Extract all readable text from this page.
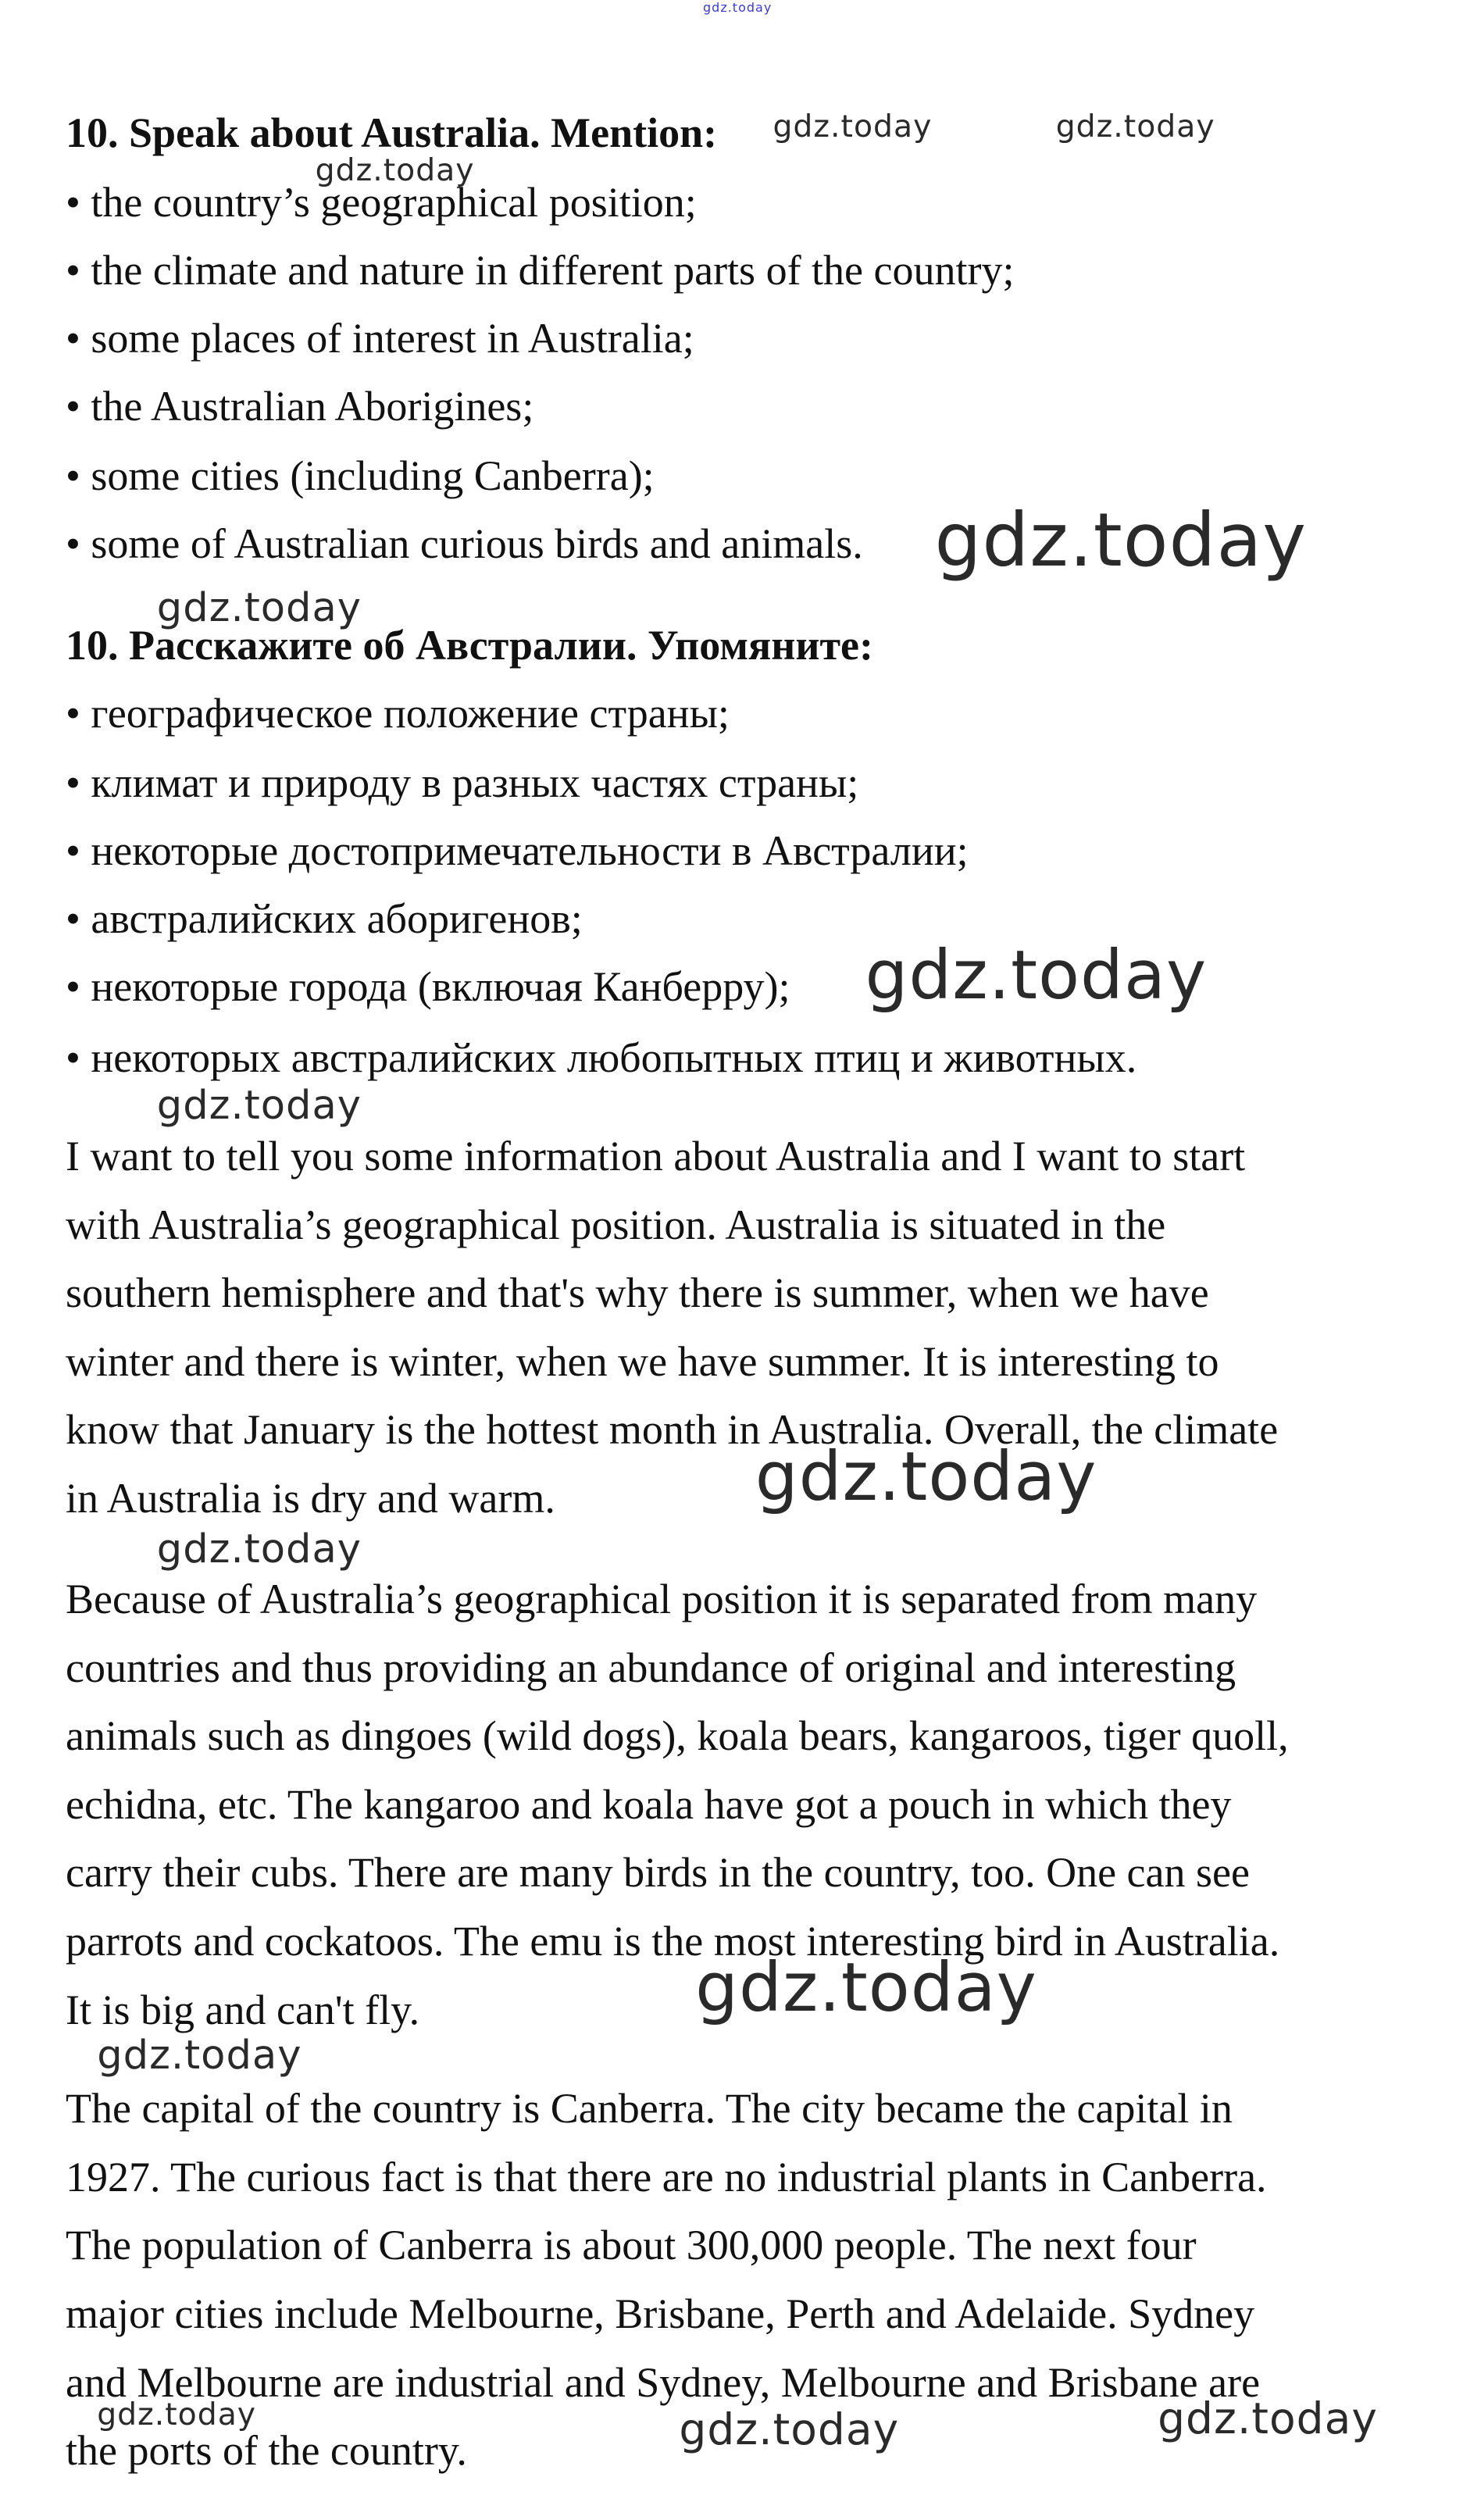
10. Speak about Australia. Mention:
• the country’s geographical position;
• the climate and nature in different parts of the country;
• some places of interest in Australia;
• the Australian Aborigines;
• some cities (including Canberra);
• some of Australian curious birds and animals.
10. Расскажите об Австралии. Упомяните:
• географическое положение страны;
• климат и природу в разных частях страны;
• некоторые достопримечательности в Австралии;
• австралийских аборигенов;
• некоторые города (включая Канберру);
• некоторых австралийских любопытных птиц и животных.
I want to tell you some information about Australia and I want to start
with Australia’s geographical position. Australia is situated in the
southern hemisphere and that's why there is summer, when we have
winter and there is winter, when we have summer. It is interesting to
know that January is the hottest month in Australia. Overall, the climate
in Australia is dry and warm.
Because of Australia’s geographical position it is separated from many
countries and thus providing an abundance of original and interesting
animals such as dingoes (wild dogs), koala bears, kangaroos, tiger quoll,
echidna, etc. The kangaroo and koala have got a pouch in which they
carry their cubs. There are many birds in the country, too. One can see
parrots and cockatoos. The emu is the most interesting bird in Australia.
It is big and can't fly.
The capital of the country is Canberra. The city became the capital in
1927. The curious fact is that there are no industrial plants in Canberra.
The population of Canberra is about 300,000 people. The next four
major cities include Melbourne, Brisbane, Perth and Adelaide. Sydney
and Melbourne are industrial and Sydney, Melbourne and Brisbane are
the ports of the country.
gdz.today	gdz.today
gdz.today
gdz.today
gdz.today
gdz.today
gdz.today
gdz.today
gdz.today
gdz.today
gdz.today
gdz.today	gdz.today	gdz.today
gdz.today
